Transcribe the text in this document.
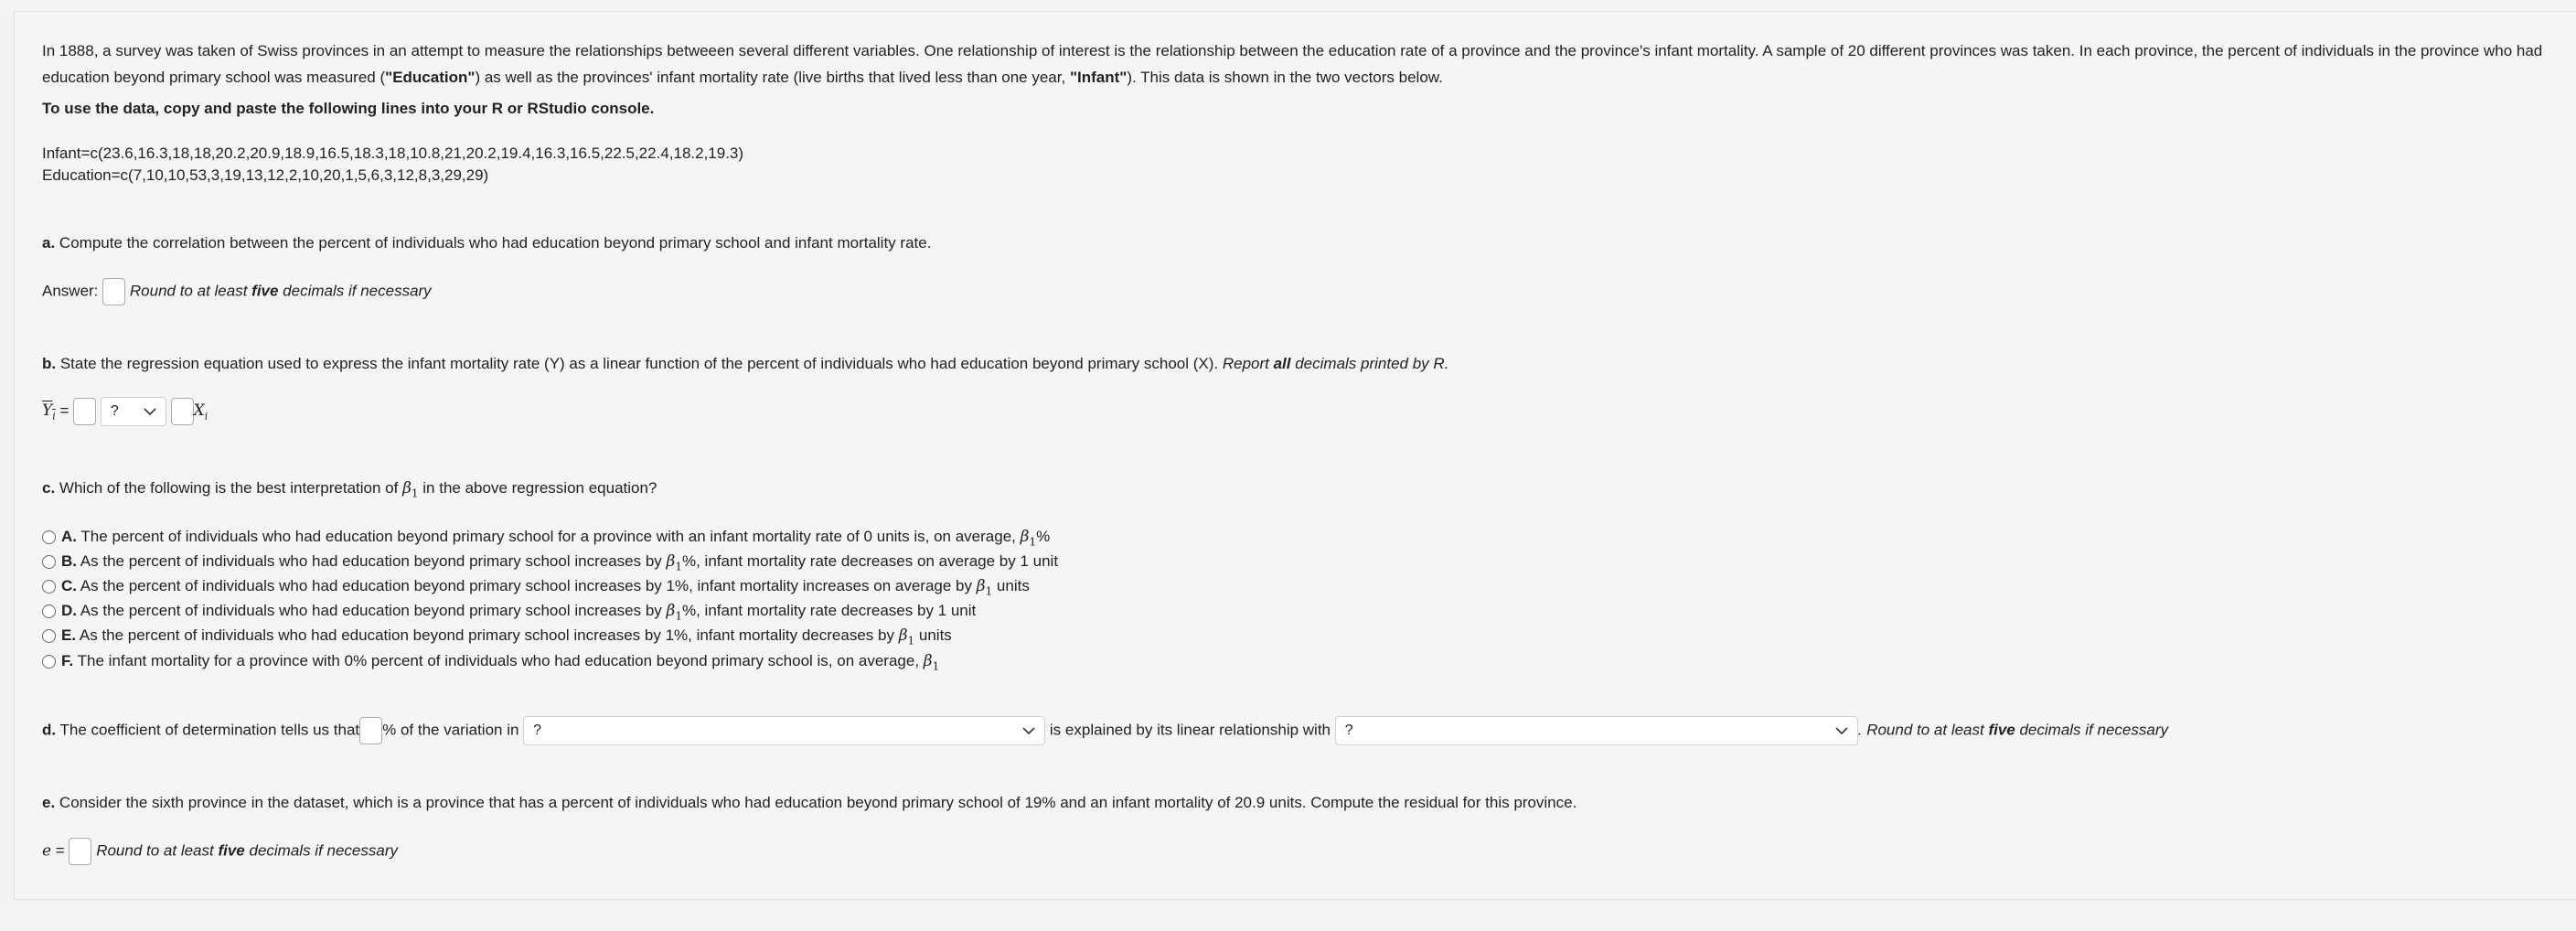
In 1888, a survey was taken of Swiss provinces in an attempt to measure the relationships betweeen several different variables. One relationship of interest is the relationship between the education rate of a province and the province's infant mortality. A sample of 20 different provinces was taken. In each province, the percent of individuals in the province who had education beyond primary school was measured ("Education") as well as the provinces' infant mortality rate (live births that lived less than one year, "Infant"). This data is shown in the two vectors below.
To use the data, copy and paste the following lines into your R or RStudio console.
Infant=c(23.6,16.3,18,18,20.2,20.9,18.9,16.5,18.3,18,10.8,21,20.2,19.4,16.3,16.5,22.5,22.4,18.2,19.3)
Education=c(7,10,10,53,3,19,13,12,2,10,20,1,5,6,3,12,8,3,29,29)
a. Compute the correlation between the percent of individuals who had education beyond primary school and infant mortality rate.
Answer: Round to at least five decimals if necessary
b. State the regression equation used to express the infant mortality rate (Y) as a linear function of the percent of individuals who had education beyond primary school (X). Report all decimals printed by R.
$Y_i$ =	?	$X_i$
c. Which of the following is the best interpretation of $\beta_1$ in the above regression equation?
A. The percent of individuals who had education beyond primary school for a province with an infant mortality rate of 0 units is, on average, $\beta_1\%$
B. As the percent of individuals who had education beyond primary school increases by $\beta_1\%$, infant mortality rate decreases on average by 1 unit
C. As the percent of individuals who had education beyond primary school increases by 1%, infant mortality increases on average by $\beta_1$ units
D. As the percent of individuals who had education beyond primary school increases by $\beta_1\%$, infant mortality rate decreases by 1 unit
E. As the percent of individuals who had education beyond primary school increases by 1%, infant mortality decreases by $\beta_1$ units
F. The infant mortality for a province with 0% percent of individuals who had education beyond primary school is, on average, $\beta_1$
d. The coefficient of determination tells us that % of the variation in ?	is explained by its linear relationship with ?	. Round to at least five decimals if necessary
e. Consider the sixth province in the dataset, which is a province that has a percent of individuals who had education beyond primary school of 19% and an infant mortality of 20.9 units. Compute the residual for this province.
e = Round to at least five decimals if necessary
